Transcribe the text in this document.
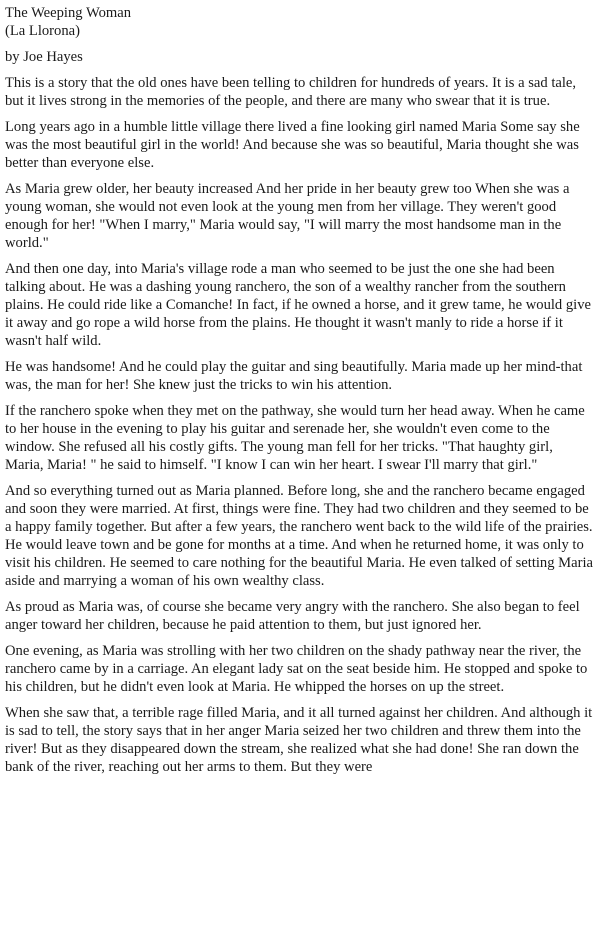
The Weeping Woman
(La Llorona)
by Joe Hayes

This is a story that the old ones have been telling to children for hundreds of years. It is a sad tale, but it lives strong in the memories of the people, and there are many who swear that it is true.

Long years ago in a humble little village there lived a fine looking girl named Maria Some say she was the most beautiful girl in the world! And because she was so beautiful, Maria thought she was better than everyone else.

As Maria grew older, her beauty increased And her pride in her beauty grew too When she was a young woman, she would not even look at the young men from her village. They weren't good enough for her! "When I marry," Maria would say, "I will marry the most handsome man in the world."

And then one day, into Maria's village rode a man who seemed to be just the one she had been talking about. He was a dashing young ranchero, the son of a wealthy rancher from the southern plains. He could ride like a Comanche! In fact, if he owned a horse, and it grew tame, he would give it away and go rope a wild horse from the plains. He thought it wasn't manly to ride a horse if it wasn't half wild.

He was handsome! And he could play the guitar and sing beautifully. Maria made up her mind-that was, the man for her! She knew just the tricks to win his attention.

If the ranchero spoke when they met on the pathway, she would turn her head away. When he came to her house in the evening to play his guitar and serenade her, she wouldn't even come to the window. She refused all his costly gifts. The young man fell for her tricks. "That haughty girl, Maria, Maria! " he said to himself. "I know I can win her heart. I swear I'll marry that girl."

And so everything turned out as Maria planned. Before long, she and the ranchero became engaged and soon they were married. At first, things were fine. They had two children and they seemed to be a happy family together. But after a few years, the ranchero went back to the wild life of the prairies. He would leave town and be gone for months at a time. And when he returned home, it was only to visit his children. He seemed to care nothing for the beautiful Maria. He even talked of setting Maria aside and marrying a woman of his own wealthy class.

As proud as Maria was, of course she became very angry with the ranchero. She also began to feel anger toward her children, because he paid attention to them, but just ignored her.

One evening, as Maria was strolling with her two children on the shady pathway near the river, the ranchero came by in a carriage. An elegant lady sat on the seat beside him. He stopped and spoke to his children, but he didn't even look at Maria. He whipped the horses on up the street.

When she saw that, a terrible rage filled Maria, and it all turned against her children. And although it is sad to tell, the story says that in her anger Maria seized her two children and threw them into the river! But as they disappeared down the stream, she realized what she had done! She ran down the bank of the river, reaching out her arms to them. But they were
